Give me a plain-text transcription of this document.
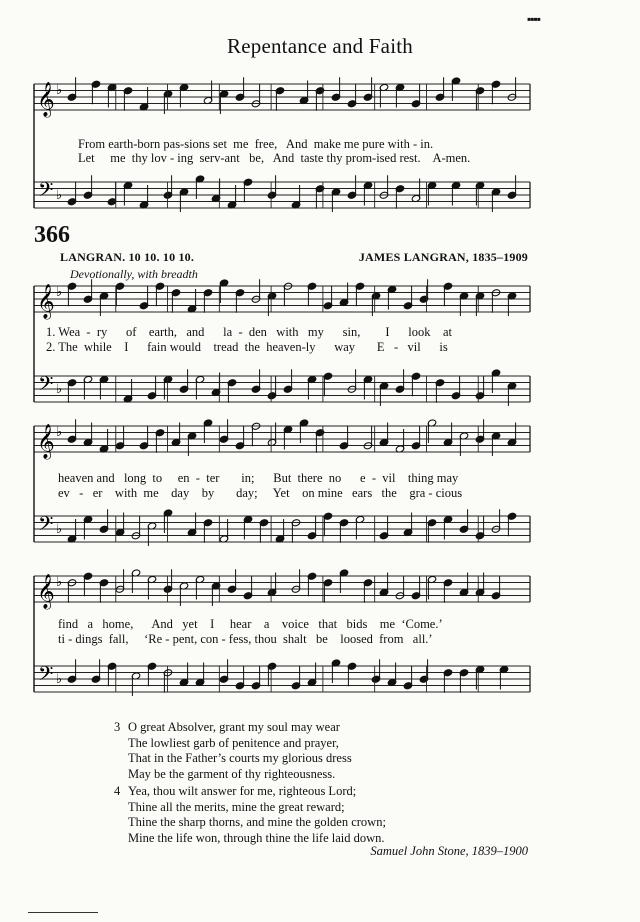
▪▪▪▪
Repentance and Faith
𝄞
𝄢
♭
♭
From earth-born pas-sions set  me  free,   And  make me pure with - in.
Let     me  thy lov - ing  serv-ant   be,   And  taste thy prom-ised rest.    A-men.
366
LANGRAN. 10 10. 10 10.	JAMES LANGRAN, 1835–1909
Devotionally, with breadth
𝄞
𝄢
♭
♭
1. Wea  -  ry      of    earth,   and      la  -  den   with   my      sin,        I      look    at
2. The  while    I      fain would    tread  the  heaven-ly      way       E   -   vil      is
𝄞
𝄢
♭
♭
heaven and   long  to     en  -  ter       in;      But  there  no      e  -  vil    thing may
ev   -   er    with  me    day    by       day;     Yet    on mine   ears   the    gra - cious
𝄞
𝄢
♭
♭
find   a   home,      And   yet    I     hear    a    voice   that   bids    me  ‘Come.’
ti - dings  fall,     ‘Re - pent, con - fess, thou  shalt   be    loosed  from   all.’
3 O great Absolver, grant my soul may wear
The lowliest garb of penitence and prayer,
That in the Father’s courts my glorious dress
May be the garment of thy righteousness.
4 Yea, thou wilt answer for me, righteous Lord;
Thine all the merits, mine the great reward;
Thine the sharp thorns, and mine the golden crown;
Mine the life won, through thine the life laid down.
Samuel John Stone, 1839–1900
